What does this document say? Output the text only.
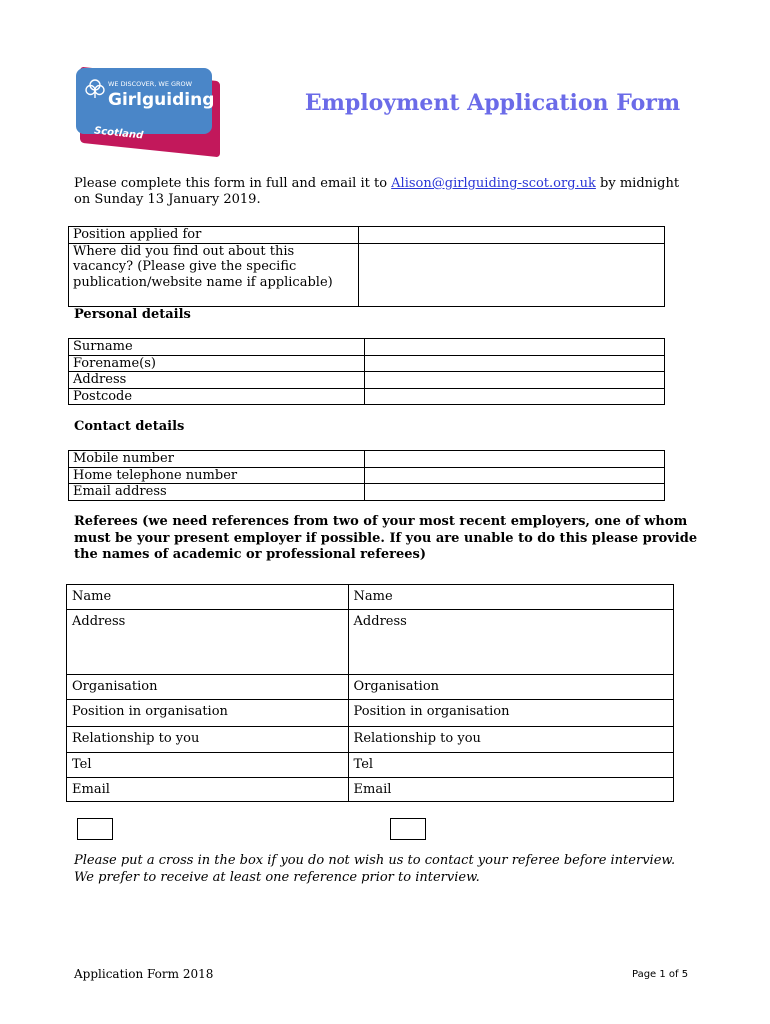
WE DISCOVER, WE GROW
Girlguiding
Scotland
Employment Application Form
Please complete this form in full and email it to Alison@girlguiding-scot.org.uk by midnight on Sunday 13 January 2019.
Position applied for	
Where did you find out about this vacancy? (Please give the specific publication/website name if applicable)	
Personal details
Surname	
Forename(s)	
Address	
Postcode	
Contact details
Mobile number	
Home telephone number	
Email address	
Referees (we need references from two of your most recent employers, one of whom must be your present employer if possible. If you are unable to do this please provide the names of academic or professional referees)
Name	Name
Address	Address
Organisation	Organisation
Position in organisation	Position in organisation
Relationship to you	Relationship to you
Tel	Tel
Email	Email
Please put a cross in the box if you do not wish us to contact your referee before interview. We prefer to receive at least one reference prior to interview.
Application Form 2018	Page 1 of 5
